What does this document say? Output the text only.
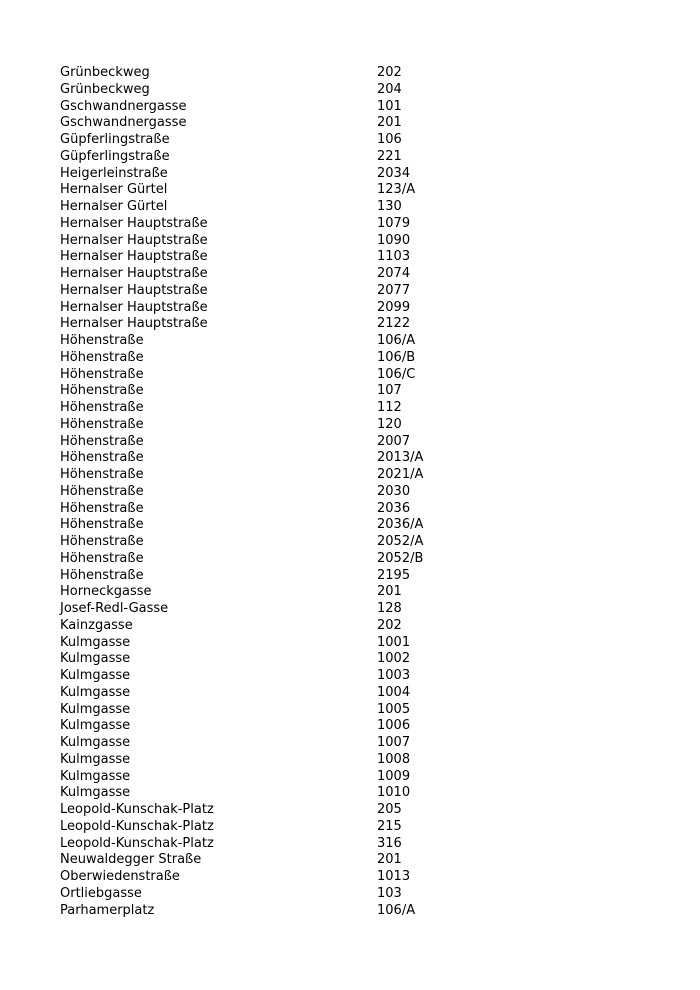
Grünbeckweg	202
Grünbeckweg	204
Gschwandnergasse	101
Gschwandnergasse	201
Güpferlingstraße	106
Güpferlingstraße	221
Heigerleinstraße	2034
Hernalser Gürtel	123/A
Hernalser Gürtel	130
Hernalser Hauptstraße	1079
Hernalser Hauptstraße	1090
Hernalser Hauptstraße	1103
Hernalser Hauptstraße	2074
Hernalser Hauptstraße	2077
Hernalser Hauptstraße	2099
Hernalser Hauptstraße	2122
Höhenstraße	106/A
Höhenstraße	106/B
Höhenstraße	106/C
Höhenstraße	107
Höhenstraße	112
Höhenstraße	120
Höhenstraße	2007
Höhenstraße	2013/A
Höhenstraße	2021/A
Höhenstraße	2030
Höhenstraße	2036
Höhenstraße	2036/A
Höhenstraße	2052/A
Höhenstraße	2052/B
Höhenstraße	2195
Horneckgasse	201
Josef-Redl-Gasse	128
Kainzgasse	202
Kulmgasse	1001
Kulmgasse	1002
Kulmgasse	1003
Kulmgasse	1004
Kulmgasse	1005
Kulmgasse	1006
Kulmgasse	1007
Kulmgasse	1008
Kulmgasse	1009
Kulmgasse	1010
Leopold-Kunschak-Platz	205
Leopold-Kunschak-Platz	215
Leopold-Kunschak-Platz	316
Neuwaldegger Straße	201
Oberwiedenstraße	1013
Ortliebgasse	103
Parhamerplatz	106/A
